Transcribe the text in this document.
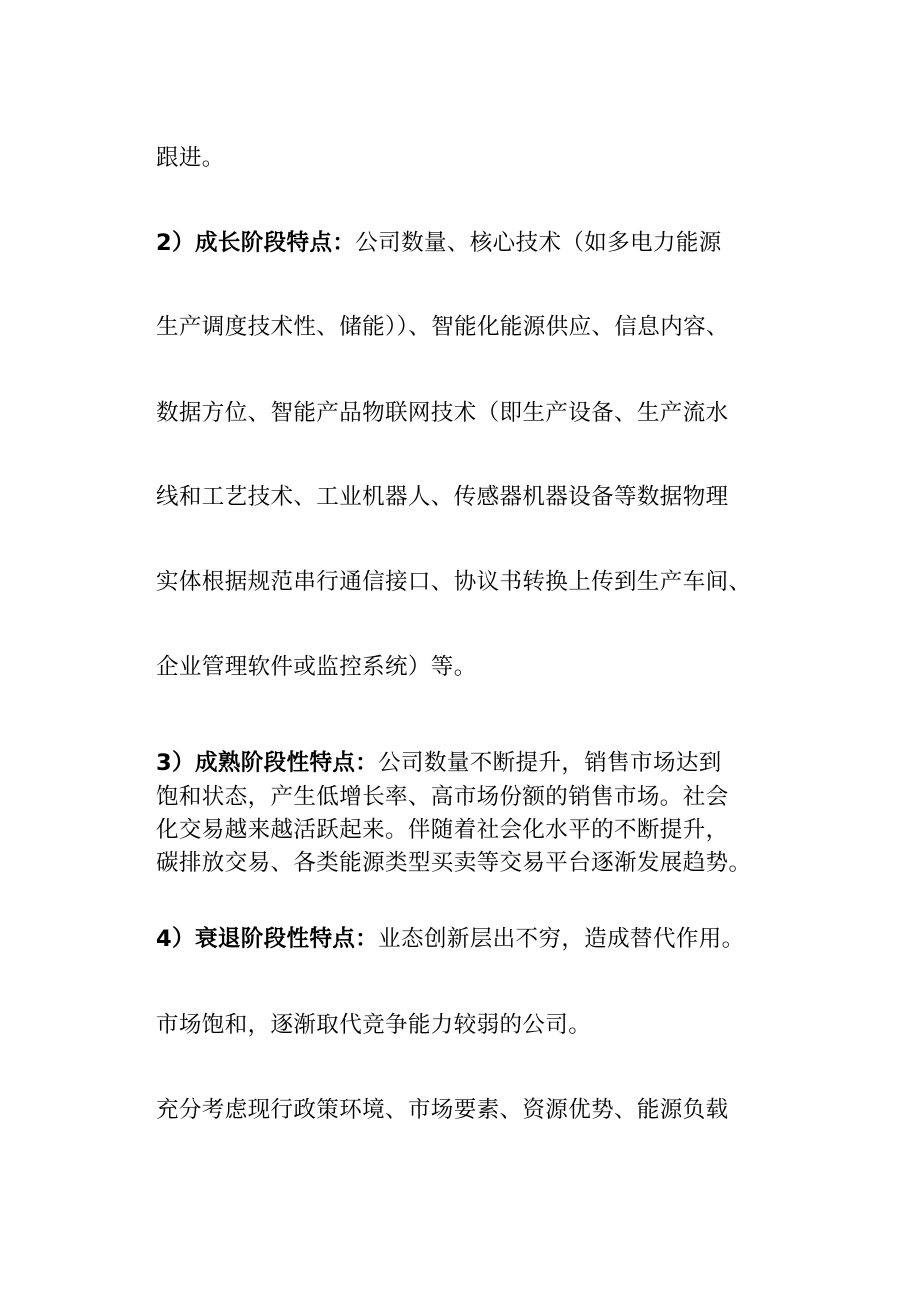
跟进。
2）成长阶段特点：公司数量、核心技术（如多电力能源
生产调度技术性、储能））、智能化能源供应、信息内容、
数据方位、智能产品物联网技术（即生产设备、生产流水
线和工艺技术、工业机器人、传感器机器设备等数据物理
实体根据规范串行通信接口、协议书转换上传到生产车间、
企业管理软件或监控系统）等。
3）成熟阶段性特点：公司数量不断提升，销售市场达到
饱和状态，产生低增长率、高市场份额的销售市场。社会
化交易越来越活跃起来。伴随着社会化水平的不断提升，
碳排放交易、各类能源类型买卖等交易平台逐渐发展趋势。
4）衰退阶段性特点：业态创新层出不穷，造成替代作用。
市场饱和，逐渐取代竞争能力较弱的公司。
充分考虑现行政策环境、市场要素、资源优势、能源负载
